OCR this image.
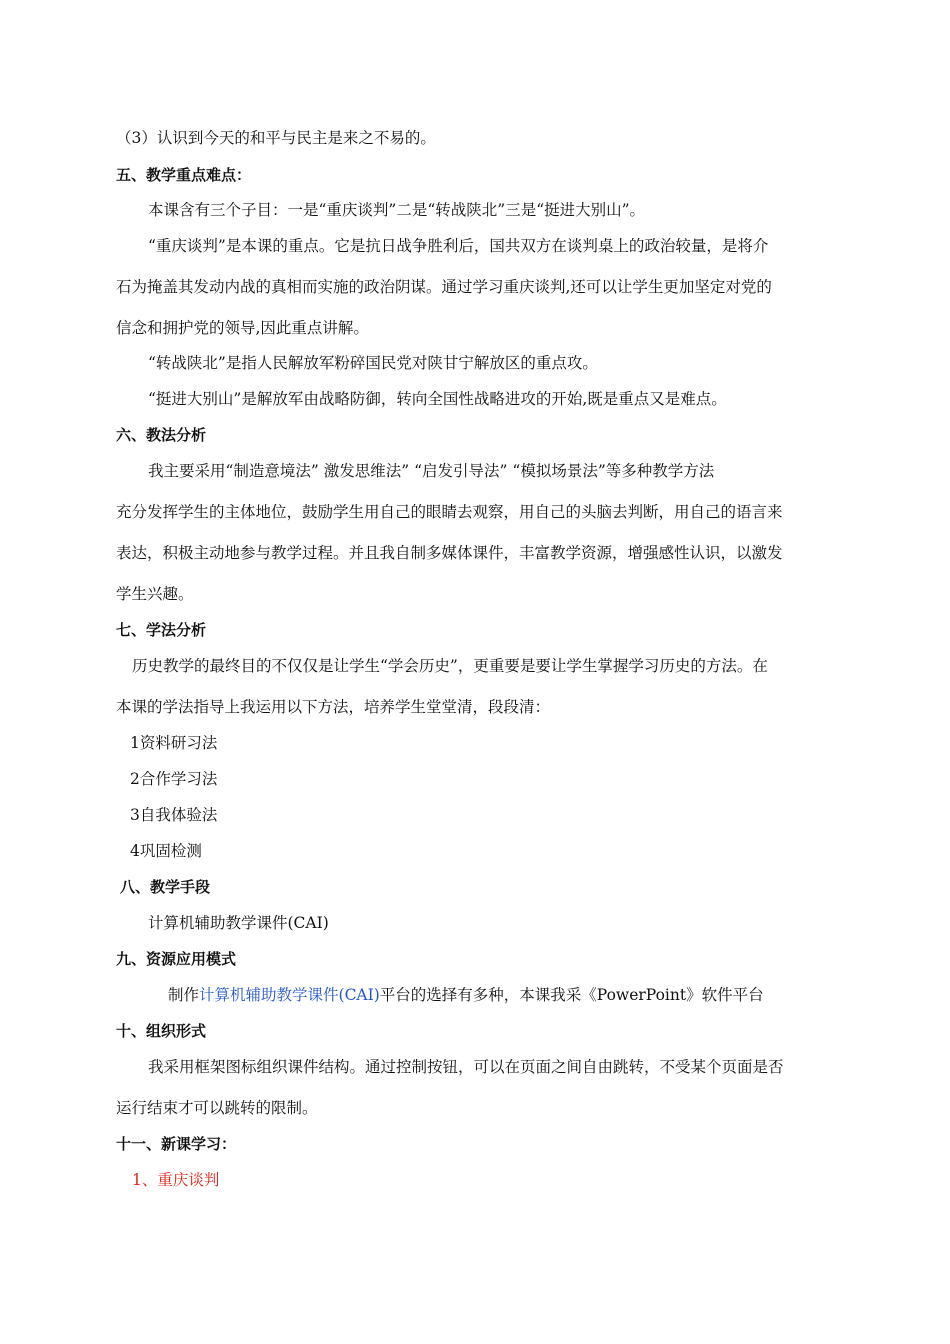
（3）认识到今天的和平与民主是来之不易的。
五、教学重点难点：
本课含有三个子目：一是“重庆谈判”二是“转战陕北”三是“挺进大别山”。
“重庆谈判”是本课的重点。它是抗日战争胜利后，国共双方在谈判桌上的政治较量，是将介
石为掩盖其发动内战的真相而实施的政治阴谋。通过学习重庆谈判,还可以让学生更加坚定对党的
信念和拥护党的领导,因此重点讲解。
“转战陕北”是指人民解放军粉碎国民党对陕甘宁解放区的重点攻。
“挺进大别山”是解放军由战略防御，转向全国性战略进攻的开始,既是重点又是难点。
六、教法分析
我主要采用“制造意境法” 激发思维法” “启发引导法” “模拟场景法”等多种教学方法
充分发挥学生的主体地位，鼓励学生用自己的眼睛去观察，用自己的头脑去判断，用自己的语言来
表达，积极主动地参与教学过程。并且我自制多媒体课件，丰富教学资源，增强感性认识，以激发
学生兴趣。
七、学法分析
历史教学的最终目的不仅仅是让学生“学会历史”，更重要是要让学生掌握学习历史的方法。在
本课的学法指导上我运用以下方法，培养学生堂堂清，段段清：
1资料研习法
2合作学习法
3自我体验法
4巩固检测
八、教学手段
计算机辅助教学课件(CAI)
九、资源应用模式
制作计算机辅助教学课件(CAI)平台的选择有多种，本课我采《PowerPoint》软件平台
十、组织形式
我采用框架图标组织课件结构。通过控制按钮，可以在页面之间自由跳转，不受某个页面是否
运行结束才可以跳转的限制。
十一、新课学习：
1、重庆谈判
